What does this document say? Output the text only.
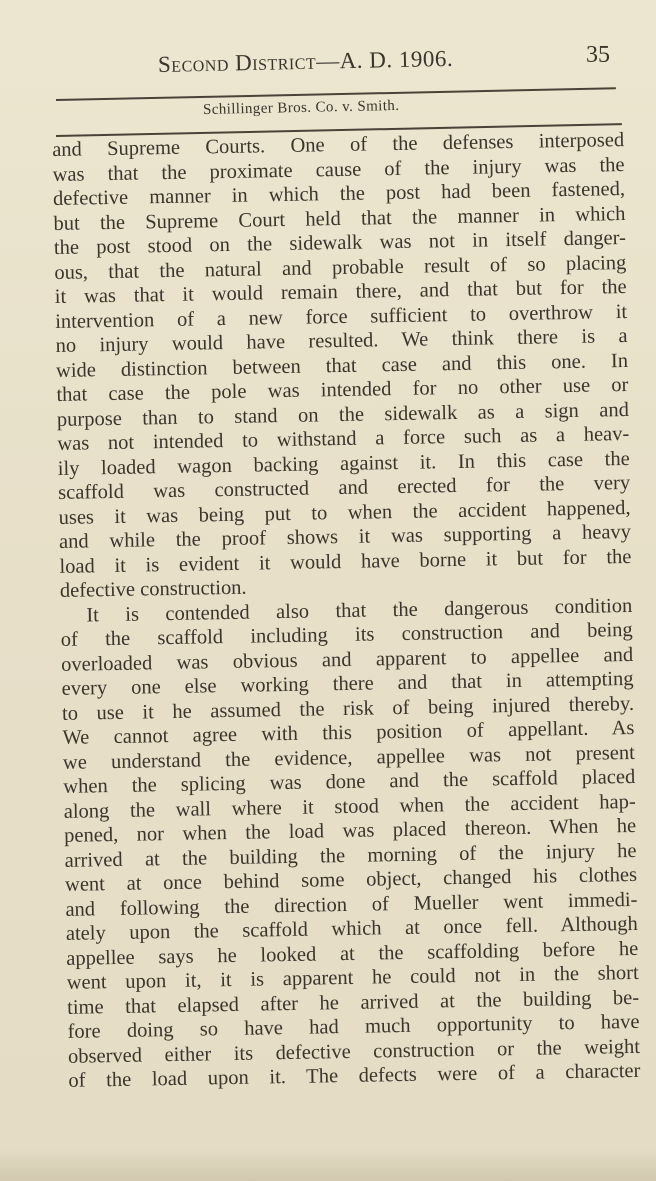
Second District—A. D. 1906.	35
Schillinger Bros. Co. v. Smith.
and Supreme Courts. One of the defenses interposed
was that the proximate cause of the injury was the
defective manner in which the post had been fastened,
but the Supreme Court held that the manner in which
the post stood on the sidewalk was not in itself danger-
ous, that the natural and probable result of so placing
it was that it would remain there, and that but for the
intervention of a new force sufficient to overthrow it
no injury would have resulted. We think there is a
wide distinction between that case and this one. In
that case the pole was intended for no other use or
purpose than to stand on the sidewalk as a sign and
was not intended to withstand a force such as a heav-
ily loaded wagon backing against it. In this case the
scaffold was constructed and erected for the very
uses it was being put to when the accident happened,
and while the proof shows it was supporting a heavy
load it is evident it would have borne it but for the
defective construction.
It is contended also that the dangerous condition
of the scaffold including its construction and being
overloaded was obvious and apparent to appellee and
every one else working there and that in attempting
to use it he assumed the risk of being injured thereby.
We cannot agree with this position of appellant. As
we understand the evidence, appellee was not present
when the splicing was done and the scaffold placed
along the wall where it stood when the accident hap-
pened, nor when the load was placed thereon. When he
arrived at the building the morning of the injury he
went at once behind some object, changed his clothes
and following the direction of Mueller went immedi-
ately upon the scaffold which at once fell. Although
appellee says he looked at the scaffolding before he
went upon it, it is apparent he could not in the short
time that elapsed after he arrived at the building be-
fore doing so have had much opportunity to have
observed either its defective construction or the weight
of the load upon it. The defects were of a character
